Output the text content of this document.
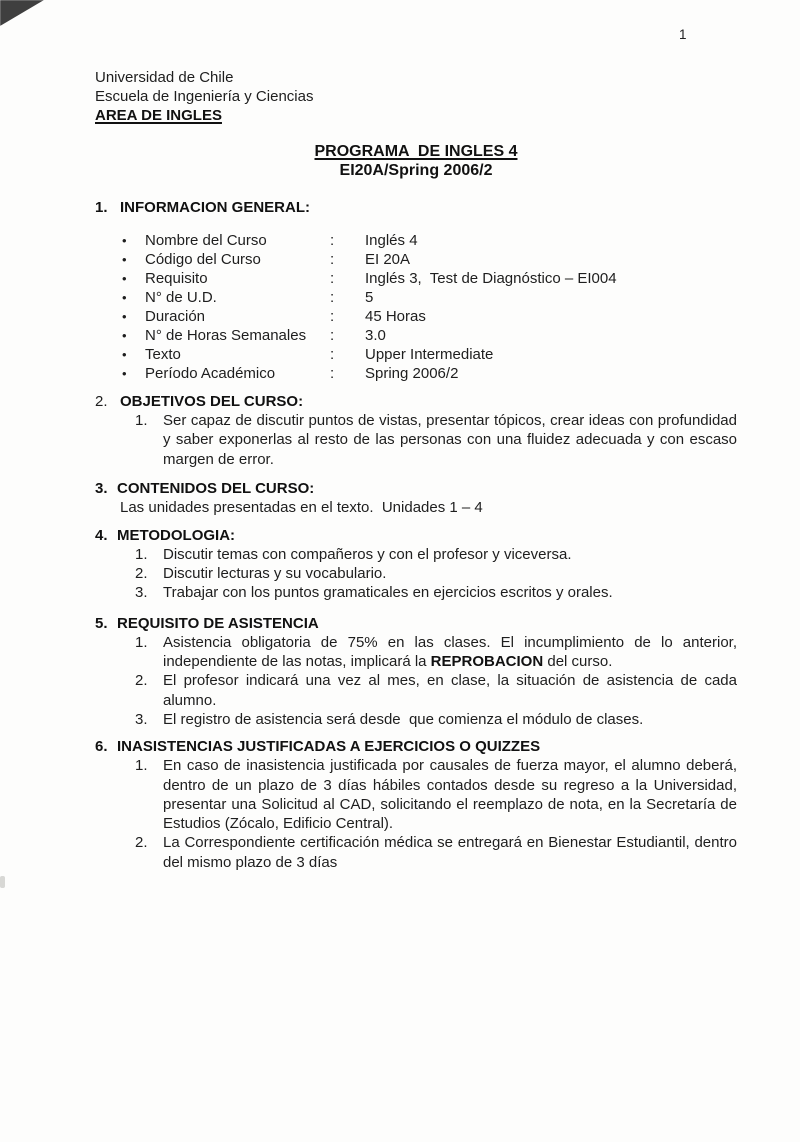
1
Universidad de Chile
Escuela de Ingeniería y Ciencias
AREA DE INGLES
PROGRAMA  DE INGLES 4
EI20A/Spring 2006/2
1. INFORMACION GENERAL:
•	Nombre del Curso	:	Inglés 4
•	Código del Curso	:	EI 20A
•	Requisito	:	Inglés 3,  Test de Diagnóstico – EI004
•	N° de U.D.	:	5
•	Duración	:	45 Horas
•	N° de Horas Semanales	:	3.0
•	Texto	:	Upper Intermediate
•	Período Académico	:	Spring 2006/2
2. OBJETIVOS DEL CURSO:
1.	Ser capaz de discutir puntos de vistas, presentar tópicos, crear ideas con profundidad y saber exponerlas al resto de las personas con una fluidez adecuada y con escaso margen de error.
3. CONTENIDOS DEL CURSO:
Las unidades presentadas en el texto.  Unidades 1 – 4
4. METODOLOGIA:
1.	Discutir temas con compañeros y con el profesor y viceversa.
2.	Discutir lecturas y su vocabulario.
3.	Trabajar con los puntos gramaticales en ejercicios escritos y orales.
5. REQUISITO DE ASISTENCIA
1.	Asistencia obligatoria de 75% en las clases. El incumplimiento de lo anterior, independiente de las notas, implicará la REPROBACION del curso.
2.	El profesor indicará una vez al mes, en clase, la situación de asistencia de cada alumno.
3.	El registro de asistencia será desde  que comienza el módulo de clases.
6. INASISTENCIAS JUSTIFICADAS A EJERCICIOS O QUIZZES
1.	En caso de inasistencia justificada por causales de fuerza mayor, el alumno deberá, dentro de un plazo de 3 días hábiles contados desde su regreso a la Universidad, presentar una Solicitud al CAD, solicitando el reemplazo de nota, en la Secretaría de Estudios (Zócalo, Edificio Central).
2.	La Correspondiente certificación médica se entregará en Bienestar Estudiantil, dentro del mismo plazo de 3 días
